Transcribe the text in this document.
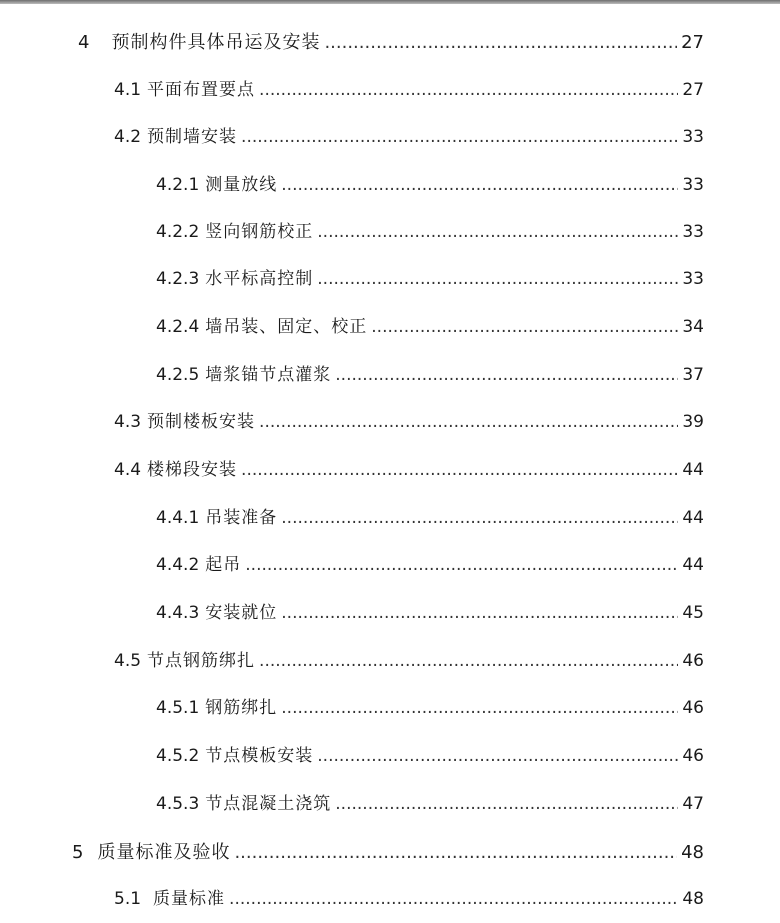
4 预制构件具体吊运及安装 .....	27
4.1 平面布置要点 .....	27
4.2 预制墙安装 .....	33
4.2.1 测量放线 .....	33
4.2.2 竖向钢筋校正 .....	33
4.2.3 水平标高控制 .....	33
4.2.4 墙吊装、固定、校正 .....	34
4.2.5 墙浆锚节点灌浆 .....	37
4.3 预制楼板安装 .....	39
4.4 楼梯段安装 .....	44
4.4.1 吊装准备 .....	44
4.4.2 起吊 .....	44
4.4.3 安装就位 .....	45
4.5 节点钢筋绑扎 .....	46
4.5.1 钢筋绑扎 .....	46
4.5.2 节点模板安装 .....	46
4.5.3 节点混凝土浇筑 .....	47
5 质量标准及验收 .....	48
5.1 质量标准 .....	48
